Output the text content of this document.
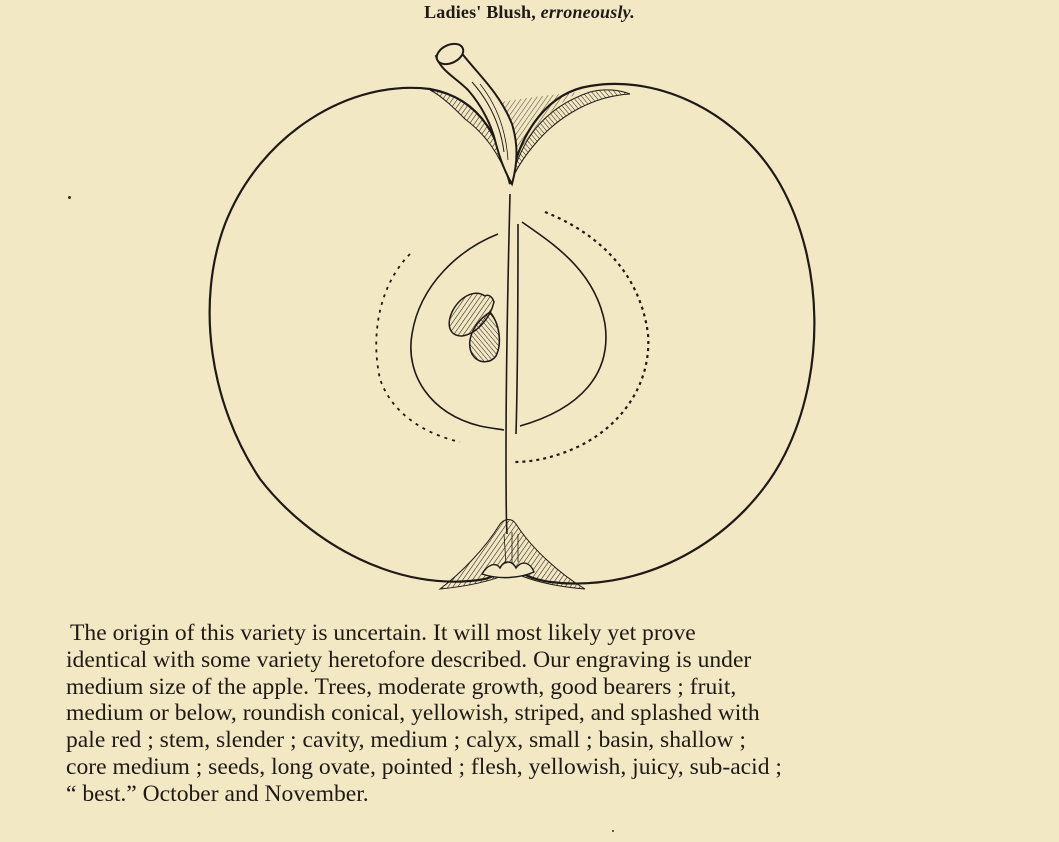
Ladies' Blush, erroneously.
The origin of this variety is uncertain. It will most likely yet prove
identical with some variety heretofore described. Our engraving is under
medium size of the apple. Trees, moderate growth, good bearers ; fruit,
medium or below, roundish conical, yellowish, striped, and splashed with
pale red ; stem, slender ; cavity, medium ; calyx, small ; basin, shallow ;
core medium ; seeds, long ovate, pointed ; flesh, yellowish, juicy, sub-acid ;
“ best.” October and November.
